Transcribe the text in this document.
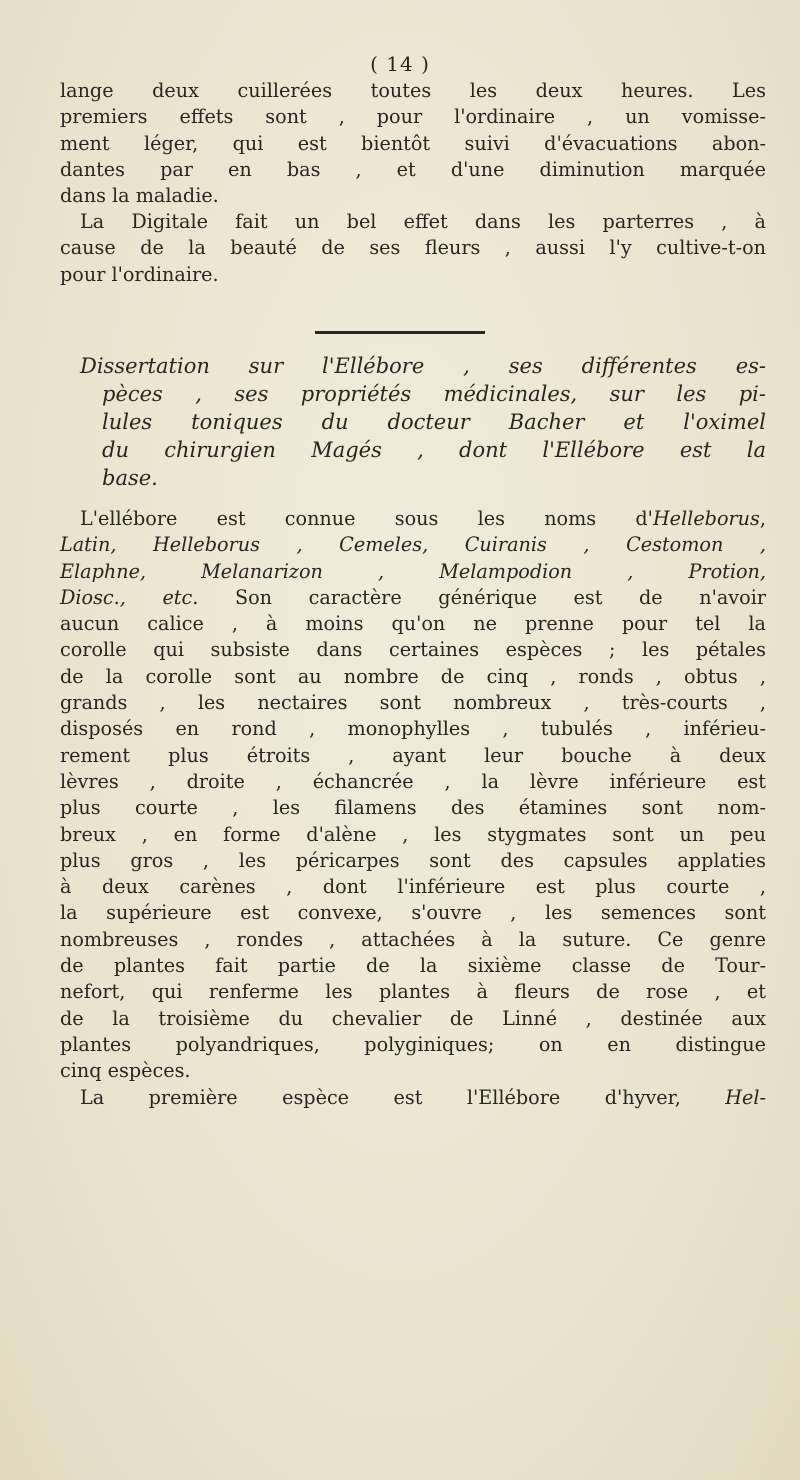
( 14 )
lange deux cuillerées toutes les deux heures. Les
premiers effets sont , pour l'ordinaire , un vomisse-
ment léger, qui est bientôt suivi d'évacuations abon-
dantes par en bas , et d'une diminution marquée
dans la maladie.
La Digitale fait un bel effet dans les parterres , à
cause de la beauté de ses fleurs , aussi l'y cultive-t-on
pour l'ordinaire.
Dissertation sur l'Ellébore , ses différentes es-
pèces , ses propriétés médicinales, sur les pi-
lules toniques du docteur Bacher et l'oximel
du chirurgien Magés , dont l'Ellébore est la
base.
L'ellébore est connue sous les noms d'Helleborus,
Latin, Helleborus , Cemeles, Cuiranis , Cestomon ,
Elaphne, Melanarizon , Melampodion , Protion,
Diosc., etc. Son caractère générique est de n'avoir
aucun calice , à moins qu'on ne prenne pour tel la
corolle qui subsiste dans certaines espèces ; les pétales
de la corolle sont au nombre de cinq , ronds , obtus ,
grands , les nectaires sont nombreux , très-courts ,
disposés en rond , monophylles , tubulés , inférieu-
rement plus étroits , ayant leur bouche à deux
lèvres , droite , échancrée , la lèvre inférieure est
plus courte , les filamens des étamines sont nom-
breux , en forme d'alène , les stygmates sont un peu
plus gros , les péricarpes sont des capsules applaties
à deux carènes , dont l'inférieure est plus courte ,
la supérieure est convexe, s'ouvre , les semences sont
nombreuses , rondes , attachées à la suture. Ce genre
de plantes fait partie de la sixième classe de Tour-
nefort, qui renferme les plantes à fleurs de rose , et
de la troisième du chevalier de Linné , destinée aux
plantes polyandriques, polyginiques; on en distingue
cinq espèces.
La première espèce est l'Ellébore d'hyver, Hel-
